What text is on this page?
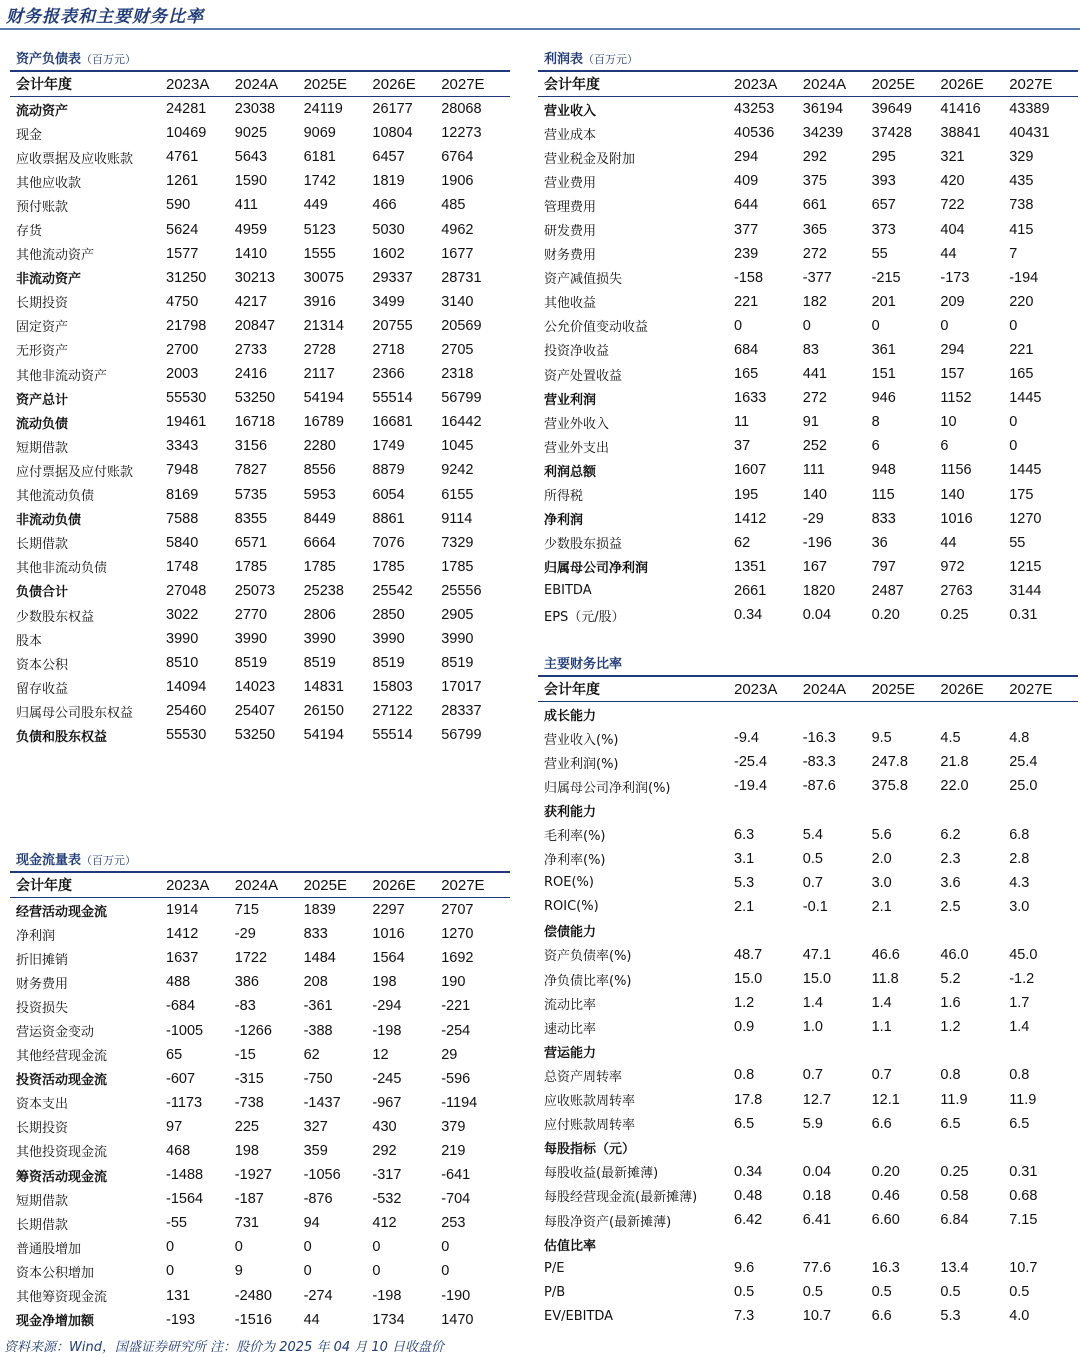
财务报表和主要财务比率
资产负债表（百万元）
会计年度	2023A	2024A	2025E	2026E	2027E
流动资产	24281	23038	24119	26177	28068
现金	10469	9025	9069	10804	12273
应收票据及应收账款	4761	5643	6181	6457	6764
其他应收款	1261	1590	1742	1819	1906
预付账款	590	411	449	466	485
存货	5624	4959	5123	5030	4962
其他流动资产	1577	1410	1555	1602	1677
非流动资产	31250	30213	30075	29337	28731
长期投资	4750	4217	3916	3499	3140
固定资产	21798	20847	21314	20755	20569
无形资产	2700	2733	2728	2718	2705
其他非流动资产	2003	2416	2117	2366	2318
资产总计	55530	53250	54194	55514	56799
流动负债	19461	16718	16789	16681	16442
短期借款	3343	3156	2280	1749	1045
应付票据及应付账款	7948	7827	8556	8879	9242
其他流动负债	8169	5735	5953	6054	6155
非流动负债	7588	8355	8449	8861	9114
长期借款	5840	6571	6664	7076	7329
其他非流动负债	1748	1785	1785	1785	1785
负债合计	27048	25073	25238	25542	25556
少数股东权益	3022	2770	2806	2850	2905
股本	3990	3990	3990	3990	3990
资本公积	8510	8519	8519	8519	8519
留存收益	14094	14023	14831	15803	17017
归属母公司股东权益	25460	25407	26150	27122	28337
负债和股东权益	55530	53250	54194	55514	56799
利润表（百万元）
会计年度	2023A	2024A	2025E	2026E	2027E
营业收入	43253	36194	39649	41416	43389
营业成本	40536	34239	37428	38841	40431
营业税金及附加	294	292	295	321	329
营业费用	409	375	393	420	435
管理费用	644	661	657	722	738
研发费用	377	365	373	404	415
财务费用	239	272	55	44	7
资产减值损失	-158	-377	-215	-173	-194
其他收益	221	182	201	209	220
公允价值变动收益	0	0	0	0	0
投资净收益	684	83	361	294	221
资产处置收益	165	441	151	157	165
营业利润	1633	272	946	1152	1445
营业外收入	11	91	8	10	0
营业外支出	37	252	6	6	0
利润总额	1607	111	948	1156	1445
所得税	195	140	115	140	175
净利润	1412	-29	833	1016	1270
少数股东损益	62	-196	36	44	55
归属母公司净利润	1351	167	797	972	1215
EBITDA	2661	1820	2487	2763	3144
EPS（元/股）	0.34	0.04	0.20	0.25	0.31
现金流量表（百万元）
会计年度	2023A	2024A	2025E	2026E	2027E
经营活动现金流	1914	715	1839	2297	2707
净利润	1412	-29	833	1016	1270
折旧摊销	1637	1722	1484	1564	1692
财务费用	488	386	208	198	190
投资损失	-684	-83	-361	-294	-221
营运资金变动	-1005	-1266	-388	-198	-254
其他经营现金流	65	-15	62	12	29
投资活动现金流	-607	-315	-750	-245	-596
资本支出	-1173	-738	-1437	-967	-1194
长期投资	97	225	327	430	379
其他投资现金流	468	198	359	292	219
筹资活动现金流	-1488	-1927	-1056	-317	-641
短期借款	-1564	-187	-876	-532	-704
长期借款	-55	731	94	412	253
普通股增加	0	0	0	0	0
资本公积增加	0	9	0	0	0
其他筹资现金流	131	-2480	-274	-198	-190
现金净增加额	-193	-1516	44	1734	1470
主要财务比率
会计年度	2023A	2024A	2025E	2026E	2027E
成长能力
营业收入(%)	-9.4	-16.3	9.5	4.5	4.8
营业利润(%)	-25.4	-83.3	247.8	21.8	25.4
归属母公司净利润(%)	-19.4	-87.6	375.8	22.0	25.0
获利能力
毛利率(%)	6.3	5.4	5.6	6.2	6.8
净利率(%)	3.1	0.5	2.0	2.3	2.8
ROE(%)	5.3	0.7	3.0	3.6	4.3
ROIC(%)	2.1	-0.1	2.1	2.5	3.0
偿债能力
资产负债率(%)	48.7	47.1	46.6	46.0	45.0
净负债比率(%)	15.0	15.0	11.8	5.2	-1.2
流动比率	1.2	1.4	1.4	1.6	1.7
速动比率	0.9	1.0	1.1	1.2	1.4
营运能力
总资产周转率	0.8	0.7	0.7	0.8	0.8
应收账款周转率	17.8	12.7	12.1	11.9	11.9
应付账款周转率	6.5	5.9	6.6	6.5	6.5
每股指标（元）
每股收益(最新摊薄)	0.34	0.04	0.20	0.25	0.31
每股经营现金流(最新摊薄)	0.48	0.18	0.46	0.58	0.68
每股净资产(最新摊薄)	6.42	6.41	6.60	6.84	7.15
估值比率
P/E	9.6	77.6	16.3	13.4	10.7
P/B	0.5	0.5	0.5	0.5	0.5
EV/EBITDA	7.3	10.7	6.6	5.3	4.0
资料来源：Wind，国盛证券研究所 注：股价为 2025 年 04 月 10 日收盘价
